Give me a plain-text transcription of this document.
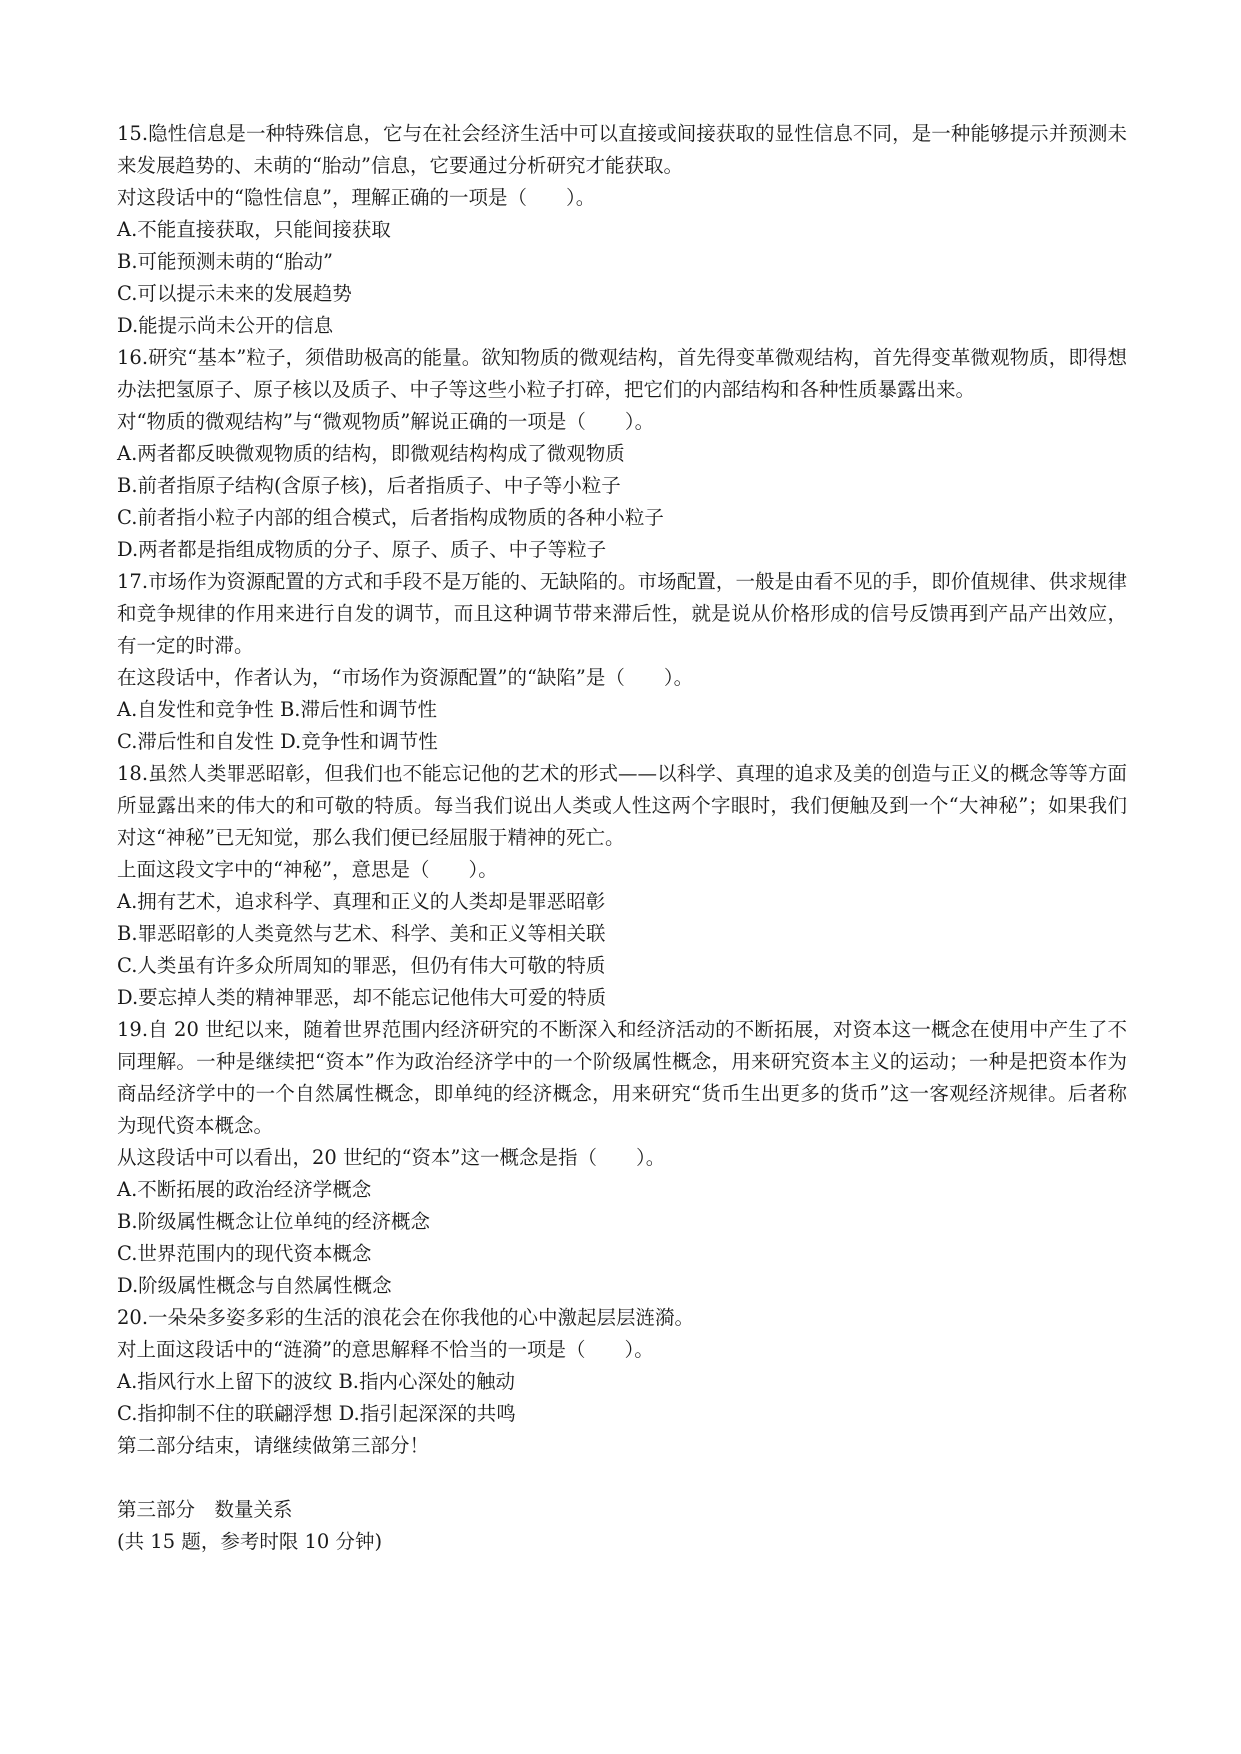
15.隐性信息是一种特殊信息，它与在社会经济生活中可以直接或间接获取的显性信息不同，是一种能够提示并预测未来发展趋势的、未萌的“胎动”信息，它要通过分析研究才能获取。

对这段话中的“隐性信息”，理解正确的一项是（　　）。

A.不能直接获取，只能间接获取

B.可能预测未萌的“胎动”

C.可以提示未来的发展趋势

D.能提示尚未公开的信息

16.研究“基本”粒子，须借助极高的能量。欲知物质的微观结构，首先得变革微观结构，首先得变革微观物质，即得想办法把氢原子、原子核以及质子、中子等这些小粒子打碎，把它们的内部结构和各种性质暴露出来。

对“物质的微观结构”与“微观物质”解说正确的一项是（　　）。

A.两者都反映微观物质的结构，即微观结构构成了微观物质

B.前者指原子结构(含原子核)，后者指质子、中子等小粒子

C.前者指小粒子内部的组合模式，后者指构成物质的各种小粒子

D.两者都是指组成物质的分子、原子、质子、中子等粒子

17.市场作为资源配置的方式和手段不是万能的、无缺陷的。市场配置，一般是由看不见的手，即价值规律、供求规律和竞争规律的作用来进行自发的调节，而且这种调节带来滞后性，就是说从价格形成的信号反馈再到产品产出效应，有一定的时滞。

在这段话中，作者认为，“市场作为资源配置”的“缺陷”是（　　）。

A.自发性和竞争性 B.滞后性和调节性

C.滞后性和自发性 D.竞争性和调节性

18.虽然人类罪恶昭彰，但我们也不能忘记他的艺术的形式——以科学、真理的追求及美的创造与正义的概念等等方面所显露出来的伟大的和可敬的特质。每当我们说出人类或人性这两个字眼时，我们便触及到一个“大神秘”；如果我们对这“神秘”已无知觉，那么我们便已经屈服于精神的死亡。

上面这段文字中的“神秘”，意思是（　　）。

A.拥有艺术，追求科学、真理和正义的人类却是罪恶昭彰

B.罪恶昭彰的人类竟然与艺术、科学、美和正义等相关联

C.人类虽有许多众所周知的罪恶，但仍有伟大可敬的特质

D.要忘掉人类的精神罪恶，却不能忘记他伟大可爱的特质

19.自 20 世纪以来，随着世界范围内经济研究的不断深入和经济活动的不断拓展，对资本这一概念在使用中产生了不同理解。一种是继续把“资本”作为政治经济学中的一个阶级属性概念，用来研究资本主义的运动；一种是把资本作为商品经济学中的一个自然属性概念，即单纯的经济概念，用来研究“货币生出更多的货币”这一客观经济规律。后者称为现代资本概念。

从这段话中可以看出，20 世纪的“资本”这一概念是指（　　）。

A.不断拓展的政治经济学概念

B.阶级属性概念让位单纯的经济概念

C.世界范围内的现代资本概念

D.阶级属性概念与自然属性概念

20.一朵朵多姿多彩的生活的浪花会在你我他的心中激起层层涟漪。

对上面这段话中的“涟漪”的意思解释不恰当的一项是（　　）。

A.指风行水上留下的波纹 B.指内心深处的触动

C.指抑制不住的联翩浮想 D.指引起深深的共鸣

第二部分结束，请继续做第三部分！

第三部分　数量关系

(共 15 题，参考时限 10 分钟)
